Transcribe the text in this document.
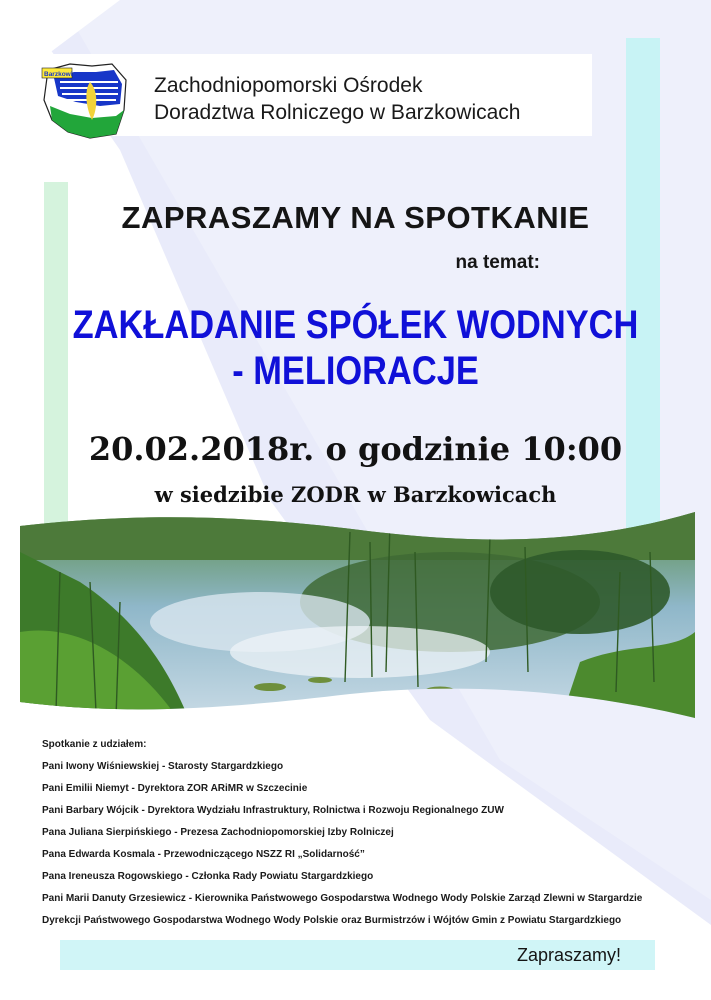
Barzkowice	Zachodniopomorski Ośrodek
Doradztwa Rolniczego w Barzkowicach
ZAPRASZAMY NA SPOTKANIE
na temat:
ZAKŁADANIE SPÓŁEK WODNYCH
- MELIORACJE
20.02.2018r. o godzinie 10:00
w siedzibie ZODR w Barzkowicach
Spotkanie z udziałem:
Pani Iwony Wiśniewskiej - Starosty Stargardzkiego
Pani Emilii Niemyt - Dyrektora ZOR ARiMR w Szczecinie
Pani Barbary Wójcik - Dyrektora Wydziału Infrastruktury, Rolnictwa i Rozwoju Regionalnego ZUW
Pana Juliana Sierpińskiego - Prezesa Zachodniopomorskiej Izby Rolniczej
Pana Edwarda Kosmala - Przewodniczącego NSZZ RI „Solidarność”
Pana Ireneusza Rogowskiego - Członka Rady Powiatu Stargardzkiego
Pani Marii Danuty Grzesiewicz - Kierownika Państwowego Gospodarstwa Wodnego Wody Polskie Zarząd Zlewni w Stargardzie
Dyrekcji Państwowego Gospodarstwa Wodnego Wody Polskie oraz Burmistrzów i Wójtów Gmin z Powiatu Stargardzkiego
Zapraszamy!
